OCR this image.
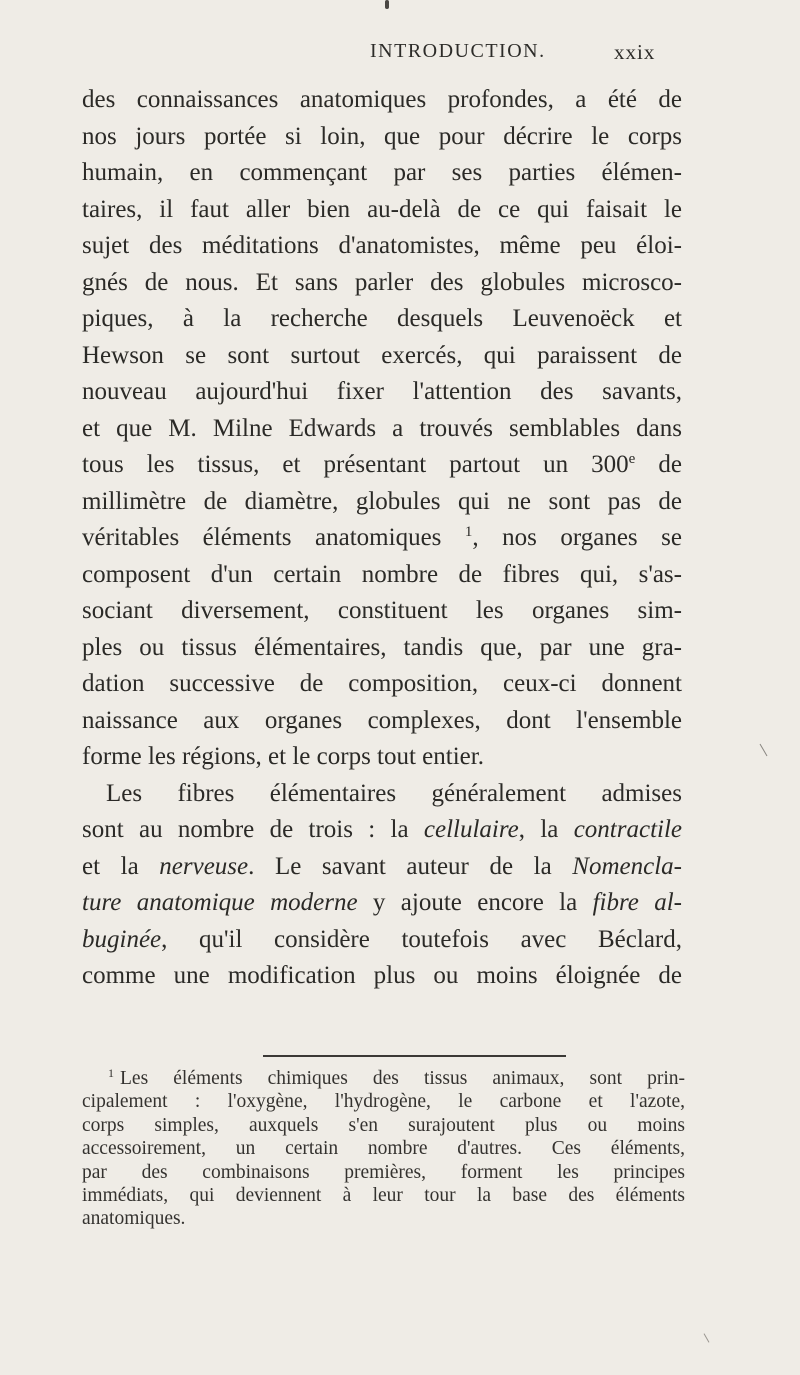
INTRODUCTION.	xxix
des connaissances anatomiques profondes, a été de
nos jours portée si loin, que pour décrire le corps
humain, en commençant par ses parties élémen-
taires, il faut aller bien au-delà de ce qui faisait le
sujet des méditations d'anatomistes, même peu éloi-
gnés de nous. Et sans parler des globules microsco-
piques, à la recherche desquels Leuvenoëck et
Hewson se sont surtout exercés, qui paraissent de
nouveau aujourd'hui fixer l'attention des savants,
et que M. Milne Edwards a trouvés semblables dans
tous les tissus, et présentant partout un 300e de
millimètre de diamètre, globules qui ne sont pas de
véritables éléments anatomiques $^1$, nos organes se
composent d'un certain nombre de fibres qui, s'as-
sociant diversement, constituent les organes sim-
ples ou tissus élémentaires, tandis que, par une gra-
dation successive de composition, ceux-ci donnent
naissance aux organes complexes, dont l'ensemble
forme les régions, et le corps tout entier.
Les fibres élémentaires généralement admises
sont au nombre de trois : la cellulaire, la contractile
et la nerveuse. Le savant auteur de la Nomencla-
ture anatomique moderne y ajoute encore la fibre al-
buginée, qu'il considère toutefois avec Béclard,
comme une modification plus ou moins éloignée de
$^1$ Les éléments chimiques des tissus animaux, sont prin-
cipalement : l'oxygène, l'hydrogène, le carbone et l'azote,
corps simples, auxquels s'en surajoutent plus ou moins
accessoirement, un certain nombre d'autres. Ces éléments,
par des combinaisons premières, forment les principes
immédiats, qui deviennent à leur tour la base des éléments
anatomiques.
